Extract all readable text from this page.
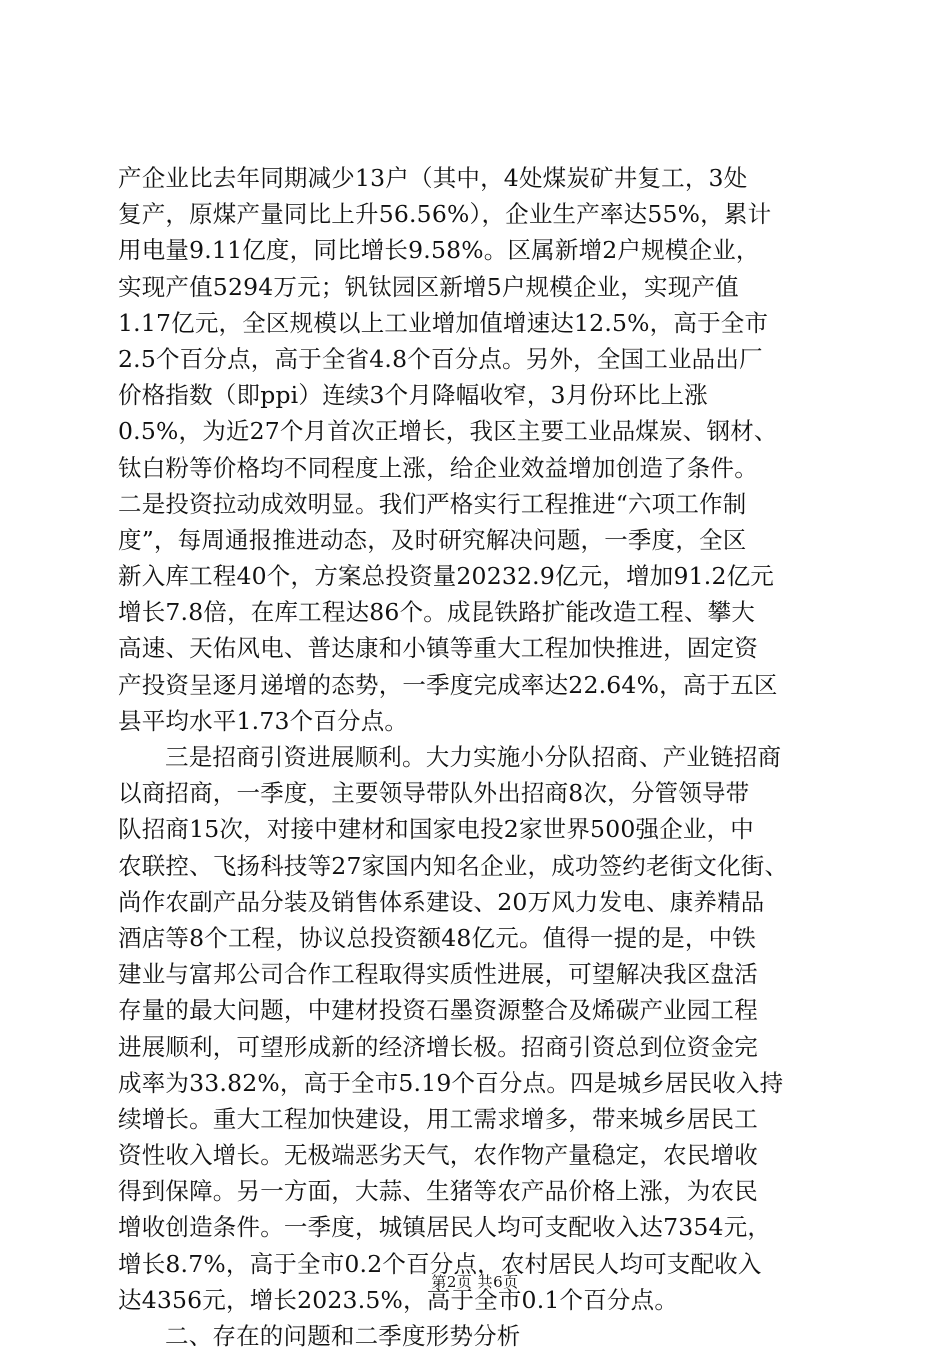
产企业比去年同期减少13户（其中，4处煤炭矿井复工，3处
复产，原煤产量同比上升56.56%），企业生产率达55%，累计
用电量9.11亿度，同比增长9.58%。区属新增2户规模企业，
实现产值5294万元；钒钛园区新增5户规模企业，实现产值
1.17亿元，全区规模以上工业增加值增速达12.5%，高于全市
2.5个百分点，高于全省4.8个百分点。另外，全国工业品出厂
价格指数（即ppi）连续3个月降幅收窄，3月份环比上涨
0.5%，为近27个月首次正增长，我区主要工业品煤炭、钢材、
钛白粉等价格均不同程度上涨，给企业效益增加创造了条件。
二是投资拉动成效明显。我们严格实行工程推进“六项工作制
度”，每周通报推进动态，及时研究解决问题，一季度，全区
新入库工程40个，方案总投资量20232.9亿元，增加91.2亿元
增长7.8倍，在库工程达86个。成昆铁路扩能改造工程、攀大
高速、天佑风电、普达康和小镇等重大工程加快推进，固定资
产投资呈逐月递增的态势，一季度完成率达22.64%，高于五区
县平均水平1.73个百分点。
三是招商引资进展顺利。大力实施小分队招商、产业链招商
以商招商，一季度，主要领导带队外出招商8次，分管领导带
队招商15次，对接中建材和国家电投2家世界500强企业，中
农联控、飞扬科技等27家国内知名企业，成功签约老街文化街、
尚作农副产品分装及销售体系建设、20万风力发电、康养精品
酒店等8个工程，协议总投资额48亿元。值得一提的是，中铁
建业与富邦公司合作工程取得实质性进展，可望解决我区盘活
存量的最大问题，中建材投资石墨资源整合及烯碳产业园工程
进展顺利，可望形成新的经济增长极。招商引资总到位资金完
成率为33.82%，高于全市5.19个百分点。四是城乡居民收入持
续增长。重大工程加快建设，用工需求增多，带来城乡居民工
资性收入增长。无极端恶劣天气，农作物产量稳定，农民增收
得到保障。另一方面，大蒜、生猪等农产品价格上涨，为农民
增收创造条件。一季度，城镇居民人均可支配收入达7354元，
增长8.7%，高于全市0.2个百分点，农村居民人均可支配收入
达4356元，增长2023.5%，高于全市0.1个百分点。
二、存在的问题和二季度形势分析
第2页 共6页
